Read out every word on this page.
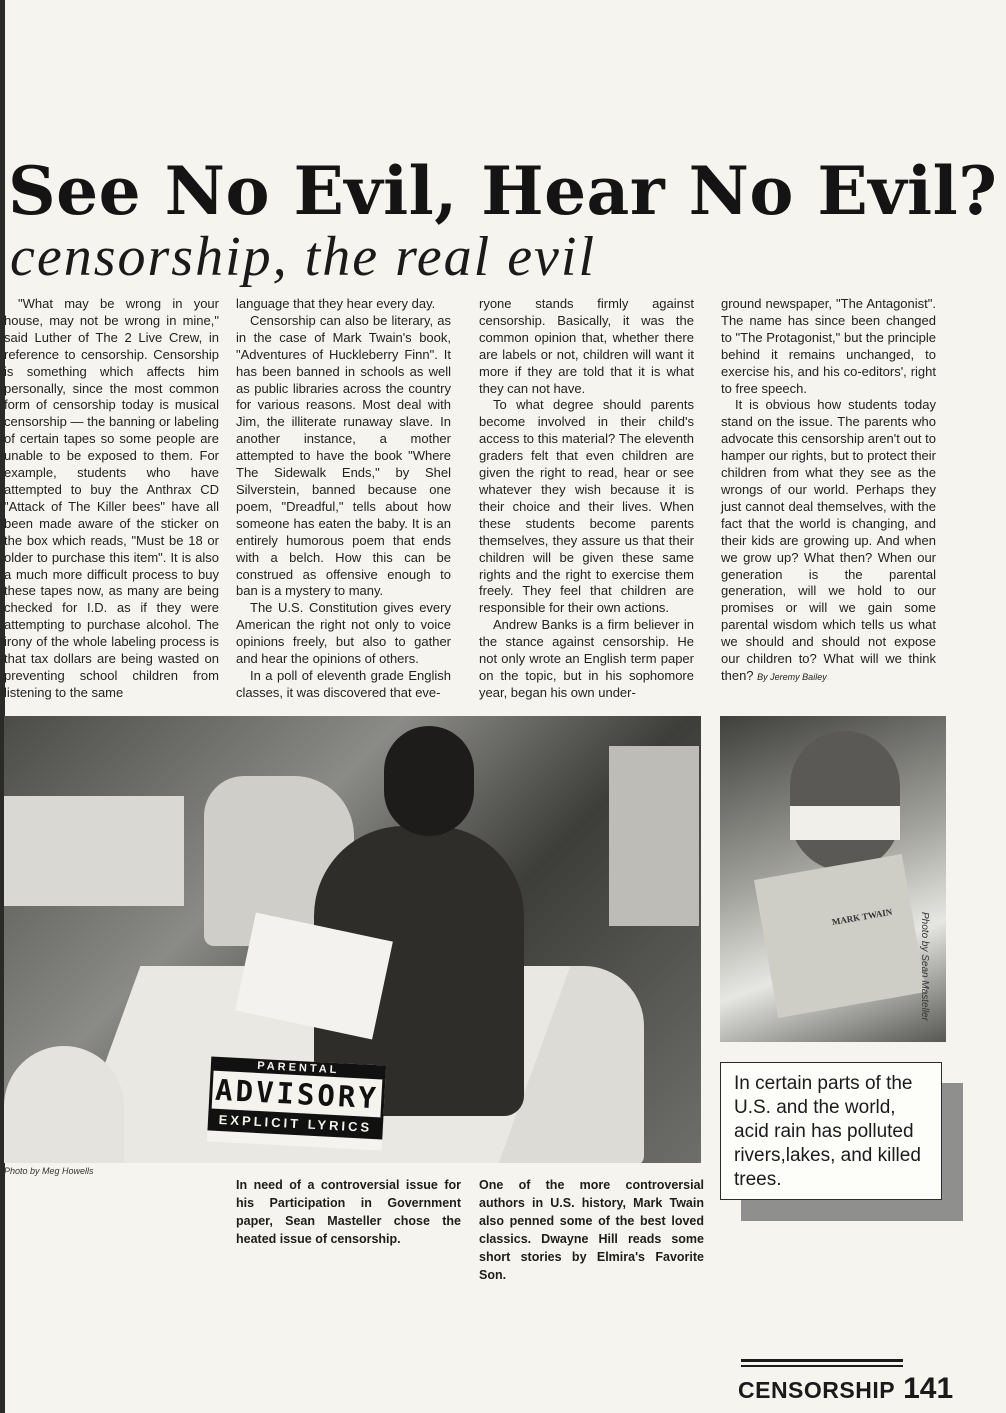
See No Evil, Hear No Evil?
censorship, the real evil

"What may be wrong in your house, may not be wrong in mine," said Luther of The 2 Live Crew, in reference to censorship. Censorship is something which affects him personally, since the most common form of censorship today is musical censorship — the banning or labeling of certain tapes so some people are unable to be exposed to them. For example, students who have attempted to buy the Anthrax CD "Attack of The Killer bees" have all been made aware of the sticker on the box which reads, "Must be 18 or older to purchase this item". It is also a much more difficult process to buy these tapes now, as many are being checked for I.D. as if they were attempting to purchase alcohol. The irony of the whole labeling process is that tax dollars are being wasted on preventing school children from listening to the same

language that they hear every day.

Censorship can also be literary, as in the case of Mark Twain's book, "Adventures of Huckleberry Finn". It has been banned in schools as well as public libraries across the country for various reasons. Most deal with Jim, the illiterate runaway slave. In another instance, a mother attempted to have the book "Where The Sidewalk Ends," by Shel Silverstein, banned because one poem, "Dreadful," tells about how someone has eaten the baby. It is an entirely humorous poem that ends with a belch. How this can be construed as offensive enough to ban is a mystery to many.

The U.S. Constitution gives every American the right not only to voice opinions freely, but also to gather and hear the opinions of others.

In a poll of eleventh grade English classes, it was discovered that eve-

ryone stands firmly against censorship. Basically, it was the common opinion that, whether there are labels or not, children will want it more if they are told that it is what they can not have.

To what degree should parents become involved in their child's access to this material? The eleventh graders felt that even children are given the right to read, hear or see whatever they wish because it is their choice and their lives. When these students become parents themselves, they assure us that their children will be given these same rights and the right to exercise them freely. They feel that children are responsible for their own actions.

Andrew Banks is a firm believer in the stance against censorship. He not only wrote an English term paper on the topic, but in his sophomore year, began his own under-

ground newspaper, "The Antagonist". The name has since been changed to "The Protagonist," but the principle behind it remains unchanged, to exercise his, and his co-editors', right to free speech.

It is obvious how students today stand on the issue. The parents who advocate this censorship aren't out to hamper our rights, but to protect their children from what they see as the wrongs of our world. Perhaps they just cannot deal themselves, with the fact that the world is changing, and their kids are growing up. And when we grow up? What then? When our generation is the parental generation, will we hold to our promises or will we gain some parental wisdom which tells us what we should and should not expose our children to? What will we think then? By Jeremy Bailey

PARENTAL
ADVISORY
EXPLICIT LYRICS
Photo by Meg Howells
MARK TWAIN	Photo by Sean Masteller
In need of a controversial issue for his Participation in Government paper, Sean Masteller chose the heated issue of censorship.
One of the more controversial authors in U.S. history, Mark Twain also penned some of the best loved classics. Dwayne Hill reads some short stories by Elmira's Favorite Son.
In certain parts of the U.S. and the world, acid rain has polluted rivers,lakes, and killed trees.
CENSORSHIP 141
